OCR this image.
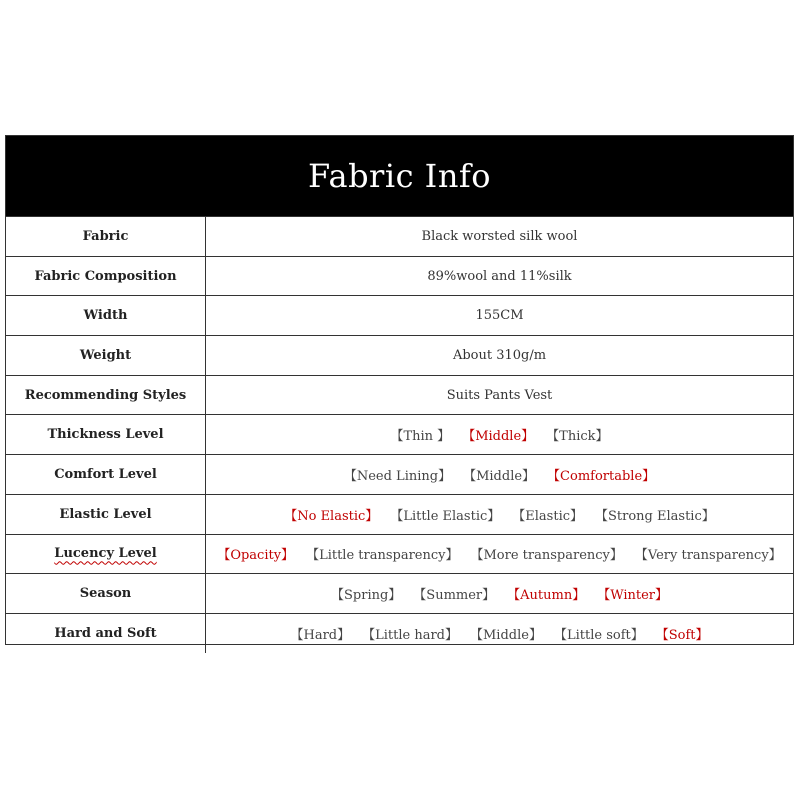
Fabric Info
Fabric	Black worsted silk wool
Fabric Composition	89%wool and 11%silk
Width	155CM
Weight	About 310g/m
Recommending Styles	Suits Pants Vest
Thickness Level	【Thin 】 【Middle】 【Thick】
Comfort Level	【Need Lining】 【Middle】 【Comfortable】
Elastic Level	【No Elastic】 【Little Elastic】 【Elastic】 【Strong Elastic】
Lucency Level	【Opacity】 【Little transparency】 【More transparency】 【Very transparency】
Season	【Spring】 【Summer】 【Autumn】 【Winter】
Hard and Soft	【Hard】 【Little hard】 【Middle】 【Little soft】 【Soft】
